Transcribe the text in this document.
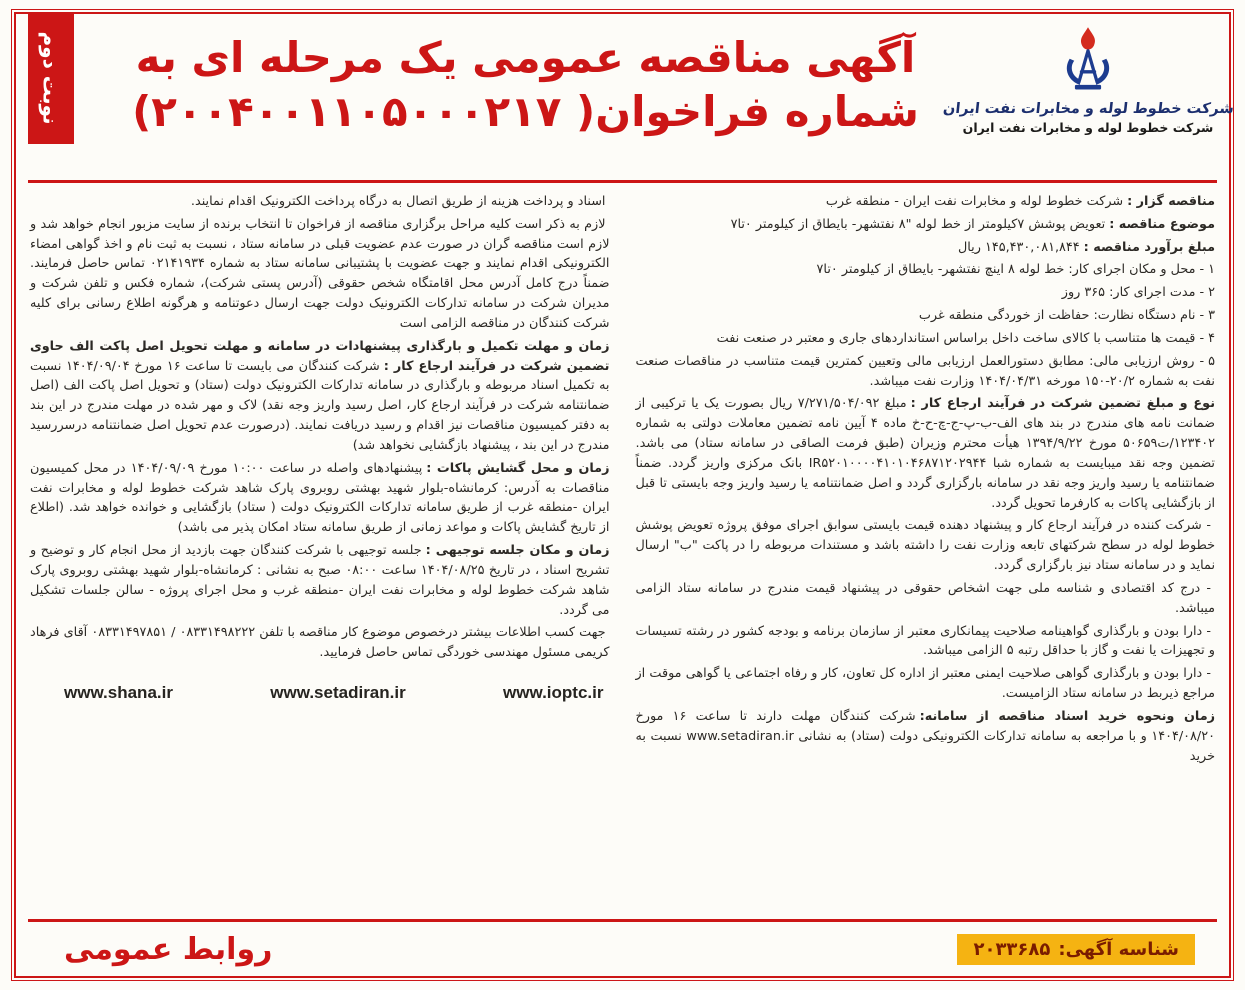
نوبت دوم	شرکت خطوط لوله و مخابرات نفت ایران
شرکت خطوط لوله و مخابرات نفت ایران
آگهی مناقصه عمومی یک مرحله ای به
شماره فراخوان( ۲۰۰۴۰۰۱۱۰۵۰۰۰۲۱۷)

مناقصه گزار :شرکت خطوط لوله و مخابرات نفت ایران - منطقه غرب

موضوع مناقصه :تعویض پوشش ۷کیلومتر از خط لوله "۸ نفتشهر- بایطاق از کیلومتر ۰تا۷

مبلغ برآورد مناقصه :۱۴۵,۴۳۰,۰۸۱,۸۴۴ ریال

۱- محل و مکان اجرای کار: خط لوله ۸ اینچ نفتشهر- بایطاق از کیلومتر ۰تا۷

۲- مدت اجرای کار: ۳۶۵ روز

۳- نام دستگاه نظارت: حفاظت از خوردگی منطقه غرب

۴- قیمت ها متناسب با کالای ساخت داخل براساس استانداردهای جاری و معتبر در صنعت نفت

۵- روش ارزیابی مالی: مطابق دستورالعمل ارزیابی مالی وتعیین کمترین قیمت متناسب در مناقصات صنعت نفت به شماره ۲۰/۲-۱۵۰ مورخه ۱۴۰۴/۰۴/۳۱ وزارت نفت میباشد.

نوع و مبلغ تضمین شرکت در فرآیند ارجاع کار :مبلغ ۷/۲۷۱/۵۰۴/۰۹۲ ریال بصورت یک یا ترکیبی از ضمانت نامه های مندرج در بند های الف-ب-پ-ج-چ-ح-خ ماده ۴ آیین نامه تضمین معاملات دولتی به شماره ۱۲۳۴۰۲/ت۵۰۶۵۹ مورخ ۱۳۹۴/۹/۲۲ هیأت محترم وزیران (طبق فرمت الصاقی در سامانه ستاد) می باشد. تضمین وجه نقد میبایست به شماره شبا IR۵۲۰۱۰۰۰۰۴۱۰۱۰۴۶۸۷۱۲۰۲۹۴۴ بانک مرکزی واریز گردد. ضمناً ضمانتنامه یا رسید واریز وجه نقد در سامانه بارگزاری گردد و اصل ضمانتنامه یا رسید واریز وجه بایستی تا قبل از بازگشایی پاکات به کارفرما تحویل گردد.

- شرکت کننده در فرآیند ارجاع کار و پیشنهاد دهنده قیمت بایستی سوابق اجرای موفق پروژه تعویض پوشش خطوط لوله در سطح شرکتهای تابعه وزارت نفت را داشته باشد و مستندات مربوطه را در پاکت "ب" ارسال نماید و در سامانه ستاد نیز بارگزاری گردد.

- درج کد اقتصادی و شناسه ملی جهت اشخاص حقوقی در پیشنهاد قیمت مندرج در سامانه ستاد الزامی میباشد.

- دارا بودن و بارگذاری گواهینامه صلاحیت پیمانکاری معتبر از سازمان برنامه و بودجه کشور در رشته تسیسات و تجهیزات یا نفت و گاز با حداقل رتبه ۵ الزامی میباشد.

- دارا بودن و بارگذاری گواهی صلاحیت ایمنی معتبر از اداره کل تعاون، کار و رفاه اجتماعی یا گواهی موقت از مراجع ذیربط در سامانه ستاد الزامیست.

زمان ونحوه خرید اسناد مناقصه از سامانه:شرکت کنندگان مهلت دارند تا ساعت ۱۶ مورخ ۱۴۰۴/۰۸/۲۰ و با مراجعه به سامانه تدارکات الکترونیکی دولت (ستاد) به نشانی www.setadiran.ir نسبت به خرید

اسناد و پرداخت هزینه از طریق اتصال به درگاه پرداخت الکترونیک اقدام نمایند.

لازم به ذکر است کلیه مراحل برگزاری مناقصه از فراخوان تا انتخاب برنده از سایت مزبور انجام خواهد شد و لازم است مناقصه گران در صورت عدم عضویت قبلی در سامانه ستاد ، نسبت به ثبت نام و اخذ گواهی امضاء الکترونیکی اقدام نمایند و جهت عضویت با پشتیبانی سامانه ستاد به شماره ۰۲۱۴۱۹۳۴ تماس حاصل فرمایند. ضمناً درج کامل آدرس محل اقامتگاه شخص حقوقی (آدرس پستی شرکت)، شماره فکس و تلفن شرکت و مدیران شرکت در سامانه تدارکات الکترونیک دولت جهت ارسال دعوتنامه و هرگونه اطلاع رسانی برای کلیه شرکت کنندگان در مناقصه الزامی است

زمان و مهلت تکمیل و بارگذاری پیشنهادات در سامانه و مهلت تحویل اصل پاکت الف حاوی تضمین شرکت در فرآیند ارجاع کار :شرکت کنندگان می بایست تا ساعت ۱۶ مورخ ۱۴۰۴/۰۹/۰۴ نسبت به تکمیل اسناد مربوطه و بارگذاری در سامانه تدارکات الکترونیک دولت (ستاد) و تحویل اصل پاکت الف (اصل ضمانتنامه شرکت در فرآیند ارجاع کار، اصل رسید واریز وجه نقد) لاک و مهر شده در مهلت مندرج در این بند به دفتر کمیسیون مناقصات نیز اقدام و رسید دریافت نمایند. (درصورت عدم تحویل اصل ضمانتنامه درسررسید مندرج در این بند ، پیشنهاد بازگشایی نخواهد شد)

زمان و محل گشایش پاکات :پیشنهادهای واصله در ساعت ۱۰:۰۰ مورخ ۱۴۰۴/۰۹/۰۹ در محل کمیسیون مناقصات به آدرس: کرمانشاه-بلوار شهید بهشتی روبروی پارک شاهد شرکت خطوط لوله و مخابرات نفت ایران -منطقه غرب از طریق سامانه تدارکات الکترونیک دولت ( ستاد) بازگشایی و خوانده خواهد شد. (اطلاع از تاریخ گشایش پاکات و مواعد زمانی از طریق سامانه ستاد امکان پذیر می باشد)

زمان و مکان جلسه توجیهی :جلسه توجیهی با شرکت کنندگان جهت بازدید از محل انجام کار و توضیح و تشریح اسناد ، در تاریخ ۱۴۰۴/۰۸/۲۵ ساعت ۰۸:۰۰ صبح به نشانی : کرمانشاه-بلوار شهید بهشتی روبروی پارک شاهد شرکت خطوط لوله و مخابرات نفت ایران -منطقه غرب و محل اجرای پروژه - سالن جلسات تشکیل می گردد.

جهت کسب اطلاعات بیشتر درخصوص موضوع کار مناقصه با تلفن ۰۸۳۳۱۴۹۸۲۲۲ / ۰۸۳۳۱۴۹۷۸۵۱ آقای فرهاد کریمی مسئول مهندسی خوردگی تماس حاصل فرمایید.

www.shana.ir	www.setadiran.ir	www.ioptc.ir
شناسه آگهی:
۲۰۳۳۶۸۵
روابط عمومی
